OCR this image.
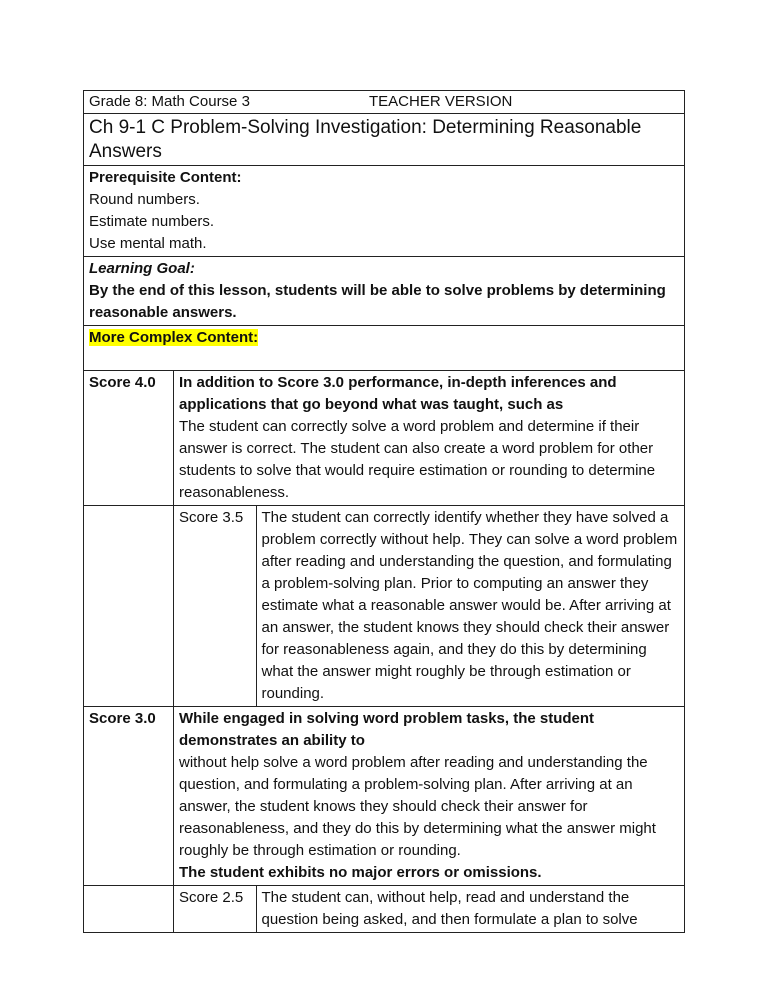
Grade 8: Math Course 3	TEACHER VERSION
Ch 9-1 C Problem-Solving Investigation: Determining Reasonable Answers

Prerequisite Content:
Round numbers.
Estimate numbers.
Use mental math.

Learning Goal:
By the end of this lesson, students will be able to solve problems by determining reasonable answers.

More Complex Content:
Score 4.0	In addition to Score 3.0 performance, in-depth inferences and applications that go beyond what was taught, such as
The student can correctly solve a word problem and determine if their answer is correct. The student can also create a word problem for other students to solve that would require estimation or rounding to determine reasonableness.

Score 3.5	The student can correctly identify whether they have solved a problem correctly without help. They can solve a word problem after reading and understanding the question, and formulating a problem-solving plan. Prior to computing an answer they estimate what a reasonable answer would be. After arriving at an answer, the student knows they should check their answer for reasonableness again, and they do this by determining what the answer might roughly be through estimation or rounding.

Score 3.0	While engaged in solving word problem tasks, the student demonstrates an ability to
without help solve a word problem after reading and understanding the question, and formulating a problem-solving plan. After arriving at an answer, the student knows they should check their answer for reasonableness, and they do this by determining what the answer might roughly be through estimation or rounding.
The student exhibits no major errors or omissions.

Score 2.5	The student can, without help, read and understand the question being asked, and then formulate a plan to solve
